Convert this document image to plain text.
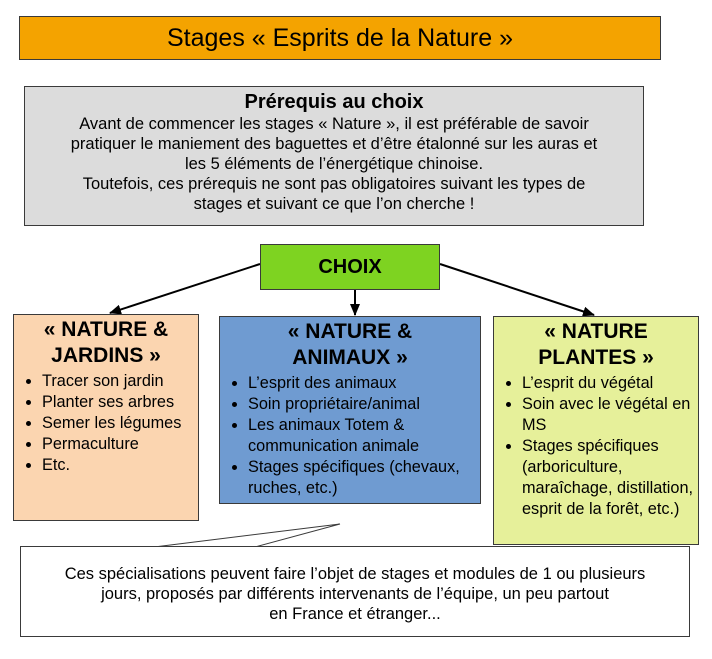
Stages « Esprits de la Nature »
Prérequis au choix
Avant de commencer les stages « Nature », il est préférable de savoir
pratiquer le maniement des baguettes et d’être étalonné sur les auras et
les 5 éléments de l’énergétique chinoise.
Toutefois, ces prérequis ne sont pas obligatoires suivant les types de
stages et suivant ce que l’on cherche !
CHOIX
« NATURE &
JARDINS »
• Tracer son jardin
• Planter ses arbres
• Semer les légumes
• Permaculture
• Etc.
« NATURE &
ANIMAUX »
• L’esprit des animaux
• Soin propriétaire/animal
• Les animaux Totem & communication animale
• Stages spécifiques (chevaux, ruches, etc.)
« NATURE
PLANTES »
• L’esprit du végétal
• Soin avec le végétal en MS
• Stages spécifiques (arboriculture, maraîchage, distillation, esprit de la forêt, etc.)
Ces spécialisations peuvent faire l’objet de stages et modules de 1 ou plusieurs
jours, proposés par différents intervenants de l’équipe, un peu partout
en France et étranger...
